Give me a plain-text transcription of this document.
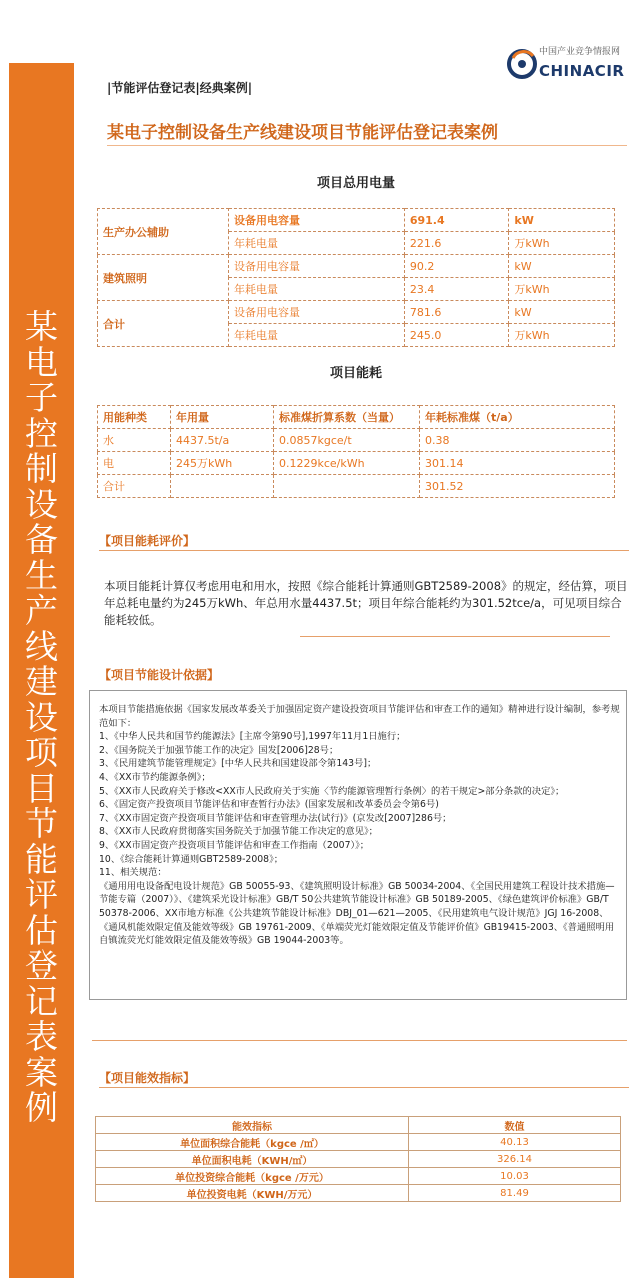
某
电
子
控
制
设
备
生
产
线
建
设
项
目
节
能
评
估
登
记
表
案
例
|节能评估登记表|经典案例|
中国产业竞争情报网
CHINACIR
某电子控制设备生产线建设项目节能评估登记表案例
项目总用电量
生产办公辅助	设备用电容量	691.4	kW
	年耗电量	221.6	万kWh
建筑照明	设备用电容量	90.2	kW
	年耗电量	23.4	万kWh
合计	设备用电容量	781.6	kW
	年耗电量	245.0	万kWh
项目能耗
用能种类	年用量	标准煤折算系数（当量）	年耗标准煤（t/a）
水	4437.5t/a	0.0857kgce/t	0.38
电	245万kWh	0.1229kce/kWh	301.14
合计			301.52
【项目能耗评价】
本项目能耗计算仅考虑用电和用水，按照《综合能耗计算通则GBT2589-2008》的规定，经估算，项目年总耗电量约为245万kWh、年总用水量4437.5t；项目年综合能耗约为301.52tce/a，可见项目综合能耗较低。
【项目节能设计依据】
本项目节能措施依据《国家发展改革委关于加强固定资产建设投资项目节能评估和审查工作的通知》精神进行设计编制，参考规范如下：
1、《中华人民共和国节约能源法》[主席令第90号],1997年11月1日施行；
2、《国务院关于加强节能工作的决定》国发[2006]28号；
3、《民用建筑节能管理规定》[中华人民共和国建设部令第143号]；
4、《XX市节约能源条例》；
5、《XX市人民政府关于修改<XX市人民政府关于实施〈节约能源管理暂行条例〉的若干规定>部分条款的决定》；
6、《固定资产投资项目节能评估和审查暂行办法》(国家发展和改革委员会令第6号)
7、《XX市固定资产投资项目节能评估和审查管理办法(试行)》(京发改[2007]286号；
8、《XX市人民政府贯彻落实国务院关于加强节能工作决定的意见》；
9、《XX市固定资产投资项目节能评估和审查工作指南（2007）》；
10、《综合能耗计算通则GBT2589-2008》；
11、相关规范：
《通用用电设备配电设计规范》GB 50055-93、《建筑照明设计标准》GB 50034-2004、《全国民用建筑工程设计技术措施—节能专篇（2007）》、《建筑采光设计标准》GB/T 50公共建筑节能设计标准》GB 50189-2005、《绿色建筑评价标准》GB/T 50378-2006、XX市地方标准《公共建筑节能设计标准》DBJ_01—621—2005、《民用建筑电气设计规范》JGJ 16-2008、《通风机能效限定值及能效等级》GB 19761-2009、《单端荧光灯能效限定值及节能评价值》GB19415-2003、《普通照明用自镇流荧光灯能效限定值及能效等级》GB 19044-2003等。
【项目能效指标】
能效指标	数值
单位面积综合能耗（kgce /㎡）	40.13
单位面积电耗（KWH/㎡）	326.14
单位投资综合能耗（kgce /万元）	10.03
单位投资电耗（KWH/万元）	81.49
